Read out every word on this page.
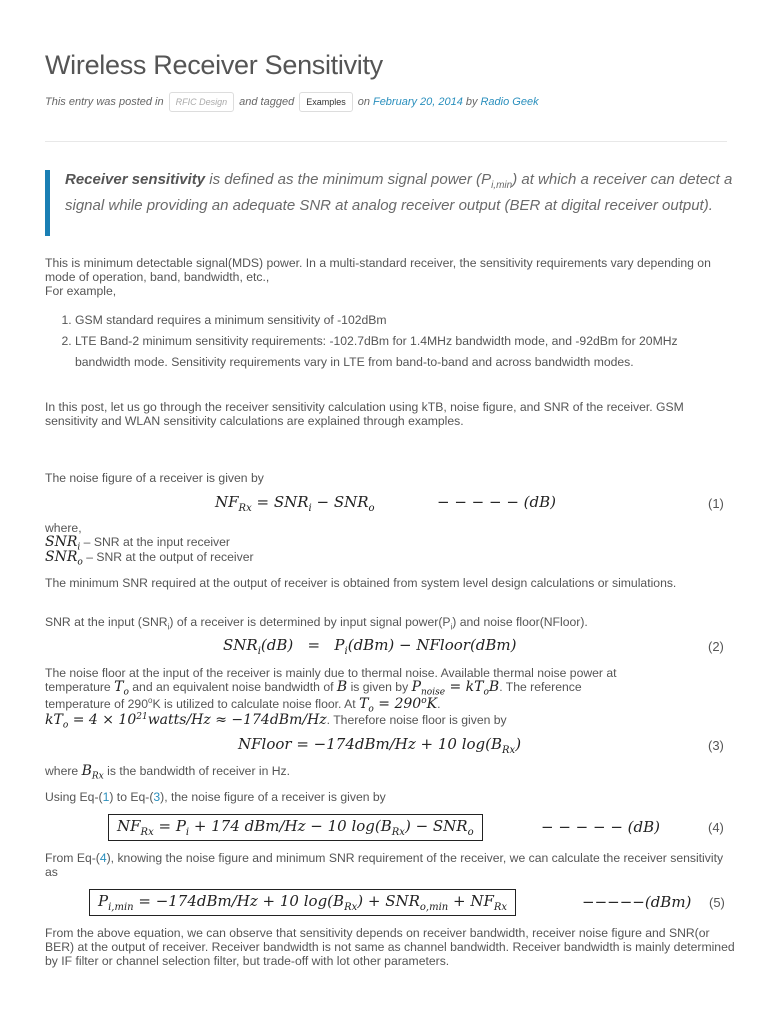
Wireless Receiver Sensitivity
This entry was posted in	RFIC Design	and tagged	Examples	on February 20, 2014 by Radio Geek
Receiver sensitivity is defined as the minimum signal power $(P_{i,min})$ at which a receiver can detect a signal while providing an adequate SNR at analog receiver output (BER at digital receiver output).
This is minimum detectable signal(MDS) power. In a multi-standard receiver, the sensitivity requirements vary depending on mode of operation, band, bandwidth, etc.,
For example,
1. GSM standard requires a minimum sensitivity of -102dBm
2. LTE Band-2 minimum sensitivity requirements: -102.7dBm for 1.4MHz bandwidth mode, and -92dBm for 20MHz bandwidth mode. Sensitivity requirements vary in LTE from band-to-band and across bandwidth modes.
In this post, let us go through the receiver sensitivity calculation using kTB, noise figure, and SNR of the receiver. GSM sensitivity and WLAN sensitivity calculations are explained through examples.
The noise figure of a receiver is given by
$NF_{Rx} = SNR_i - SNR_o$	− − − − − (dB)	(1)
where,
$SNR_i$ – SNR at the input receiver
$SNR_o$ – SNR at the output of receiver
The minimum SNR required at the output of receiver is obtained from system level design calculations or simulations.
SNR at the input $(SNR_i)$ of a receiver is determined by input signal $power(P_i)$ and noise floor(NFloor).
$SNR_i(dB) = P_i(dBm)$ − NFloor(dBm)	(2)
The noise floor at the input of the receiver is mainly due to thermal noise. Available thermal noise power at
temperature $T_o$ and an equivalent noise bandwidth of B is given by $P_{noise} = kT_oB$. The reference
temperature of 290$^o$K is utilized to calculate noise floor. At $T_o = 290^oK$.
$kT_o = 4$ × $10^{21}watts/Hz \approx -174dBm/Hz$. Therefore noise floor is given by
NFloor = −174dBm/Hz + 10 $\log(B_{Rx})$	(3)
where $B_{Rx}$ is the bandwidth of receiver in Hz.
Using Eq-(1) to Eq-(3), the noise figure of a receiver is given by
$NF_{Rx} = P_i + 174$ dBm/Hz − 10 $\log(B_{Rx}) - SNR_o$	− − − − − (dB)	(4)
From Eq-(4), knowing the noise figure and minimum SNR requirement of the receiver, we can calculate the receiver sensitivity as
$P_{i,min} = -174dBm/Hz + 10$ $\log(B_{Rx}) + SNR_{o,min} + NF_{Rx}$	−−−−−(dBm) (5)
From the above equation, we can observe that sensitivity depends on receiver bandwidth, receiver noise figure and SNR(or BER) at the output of receiver. Receiver bandwidth is not same as channel bandwidth. Receiver bandwidth is mainly determined by IF filter or channel selection filter, but trade-off with lot other parameters.
